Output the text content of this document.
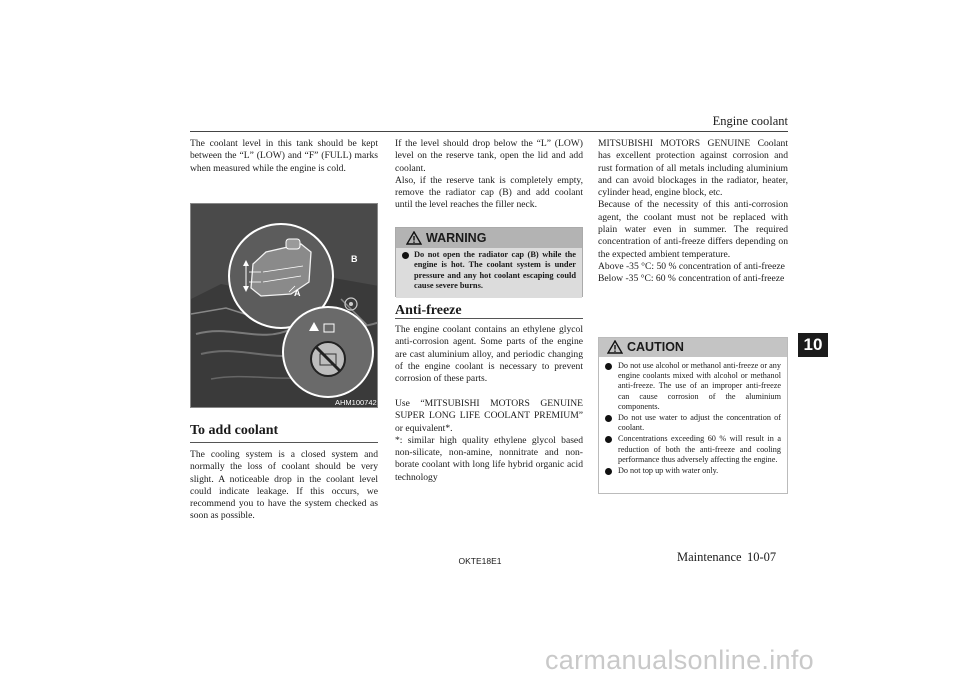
Engine coolant
10

The coolant level in this tank should be kept between the “L” (LOW) and “F” (FULL) marks when measured while the engine is cold.

A
B
AHM100742
To add coolant

The cooling system is a closed system and normally the loss of coolant should be very slight. A noticeable drop in the coolant level could indicate leakage. If this occurs, we recommend you to have the system checked as soon as possible.

If the level should drop below the “L” (LOW) level on the reserve tank, open the lid and add coolant.

Also, if the reserve tank is completely empty, remove the radiator cap (B) and add coolant until the level reaches the filler neck.

WARNING
Do not open the radiator cap (B) while the engine is hot. The coolant system is under pressure and any hot coolant escaping could cause severe burns.
Anti-freeze

The engine coolant contains an ethylene glycol anti-corrosion agent. Some parts of the engine are cast aluminium alloy, and periodic changing of the engine coolant is necessary to prevent corrosion of these parts.

Use “MITSUBISHI MOTORS GENUINE SUPER LONG LIFE COOLANT PREMIUM” or equivalent*.

*: similar high quality ethylene glycol based non-silicate, non-amine, nonnitrate and non-borate coolant with long life hybrid organic acid technology

MITSUBISHI MOTORS GENUINE Coolant has excellent protection against corrosion and rust formation of all metals including aluminium and can avoid blockages in the radiator, heater, cylinder head, engine block, etc.

Because of the necessity of this anti-corrosion agent, the coolant must not be replaced with plain water even in summer. The required concentration of anti-freeze differs depending on the expected ambient temperature.

Above -35 °C: 50 % concentration of anti-freeze

Below -35 °C: 60 % concentration of anti-freeze

CAUTION
Do not use alcohol or methanol anti-freeze or any engine coolants mixed with alcohol or methanol anti-freeze. The use of an improper anti-freeze can cause corrosion of the aluminium components.
Do not use water to adjust the concentration of coolant.
Concentrations exceeding 60 % will result in a reduction of both the anti-freeze and cooling performance thus adversely affecting the engine.
Do not top up with water only.
OKTE18E1	Maintenance 10-07
carmanualsonline.info
